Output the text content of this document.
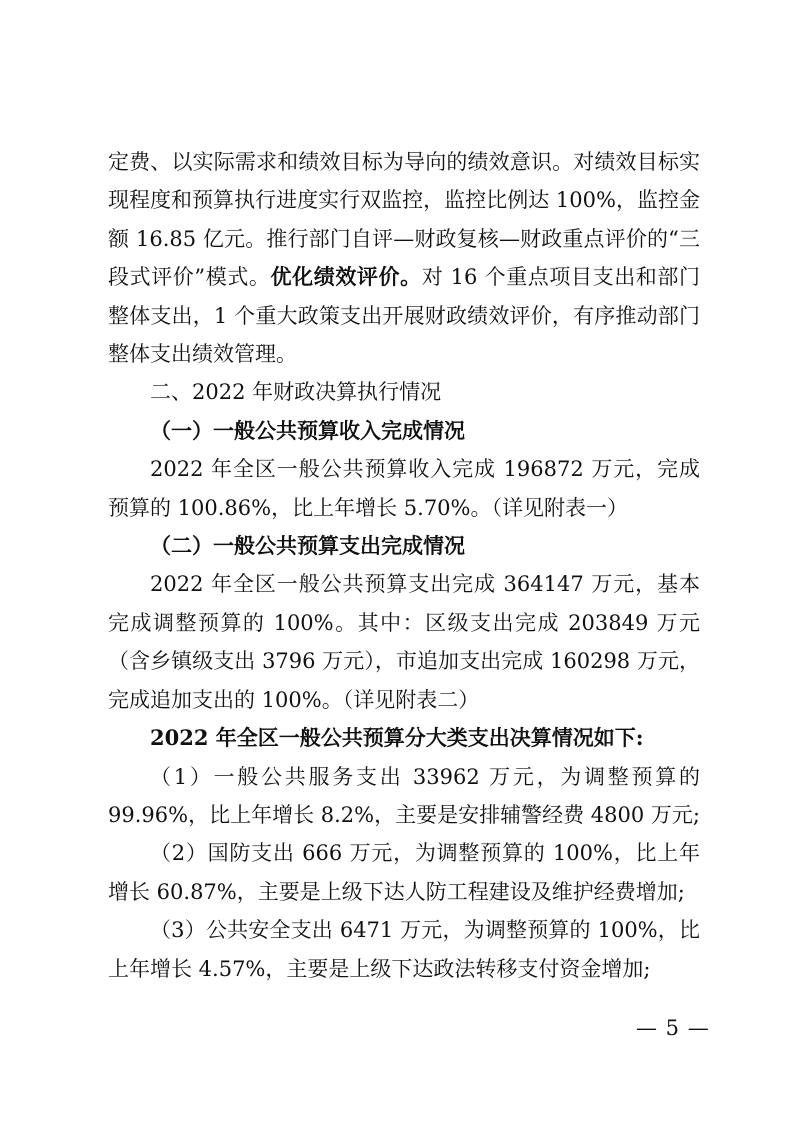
定费、以实际需求和绩效目标为导向的绩效意识。对绩效目标实现程度和预算执行进度实行双监控，监控比例达 100%，监控金额 16.85 亿元。推行部门自评—财政复核—财政重点评价的“三段式评价”模式。优化绩效评价。对 16 个重点项目支出和部门整体支出，1 个重大政策支出开展财政绩效评价，有序推动部门整体支出绩效管理。

二、2022 年财政决算执行情况

（一）一般公共预算收入完成情况

2022 年全区一般公共预算收入完成 196872 万元，完成预算的 100.86%，比上年增长 5.70%。（详见附表一）

（二）一般公共预算支出完成情况

2022 年全区一般公共预算支出完成 364147 万元，基本完成调整预算的 100%。其中：区级支出完成 203849 万元（含乡镇级支出 3796 万元），市追加支出完成 160298 万元，完成追加支出的 100%。（详见附表二）

2022 年全区一般公共预算分大类支出决算情况如下:

（1）一般公共服务支出 33962 万元，为调整预算的 99.96%，比上年增长 8.2%，主要是安排辅警经费 4800 万元;

（2）国防支出 666 万元，为调整预算的 100%，比上年增长 60.87%，主要是上级下达人防工程建设及维护经费增加;

（3）公共安全支出 6471 万元，为调整预算的 100%，比上年增长 4.57%，主要是上级下达政法转移支付资金增加;

— 5 —
